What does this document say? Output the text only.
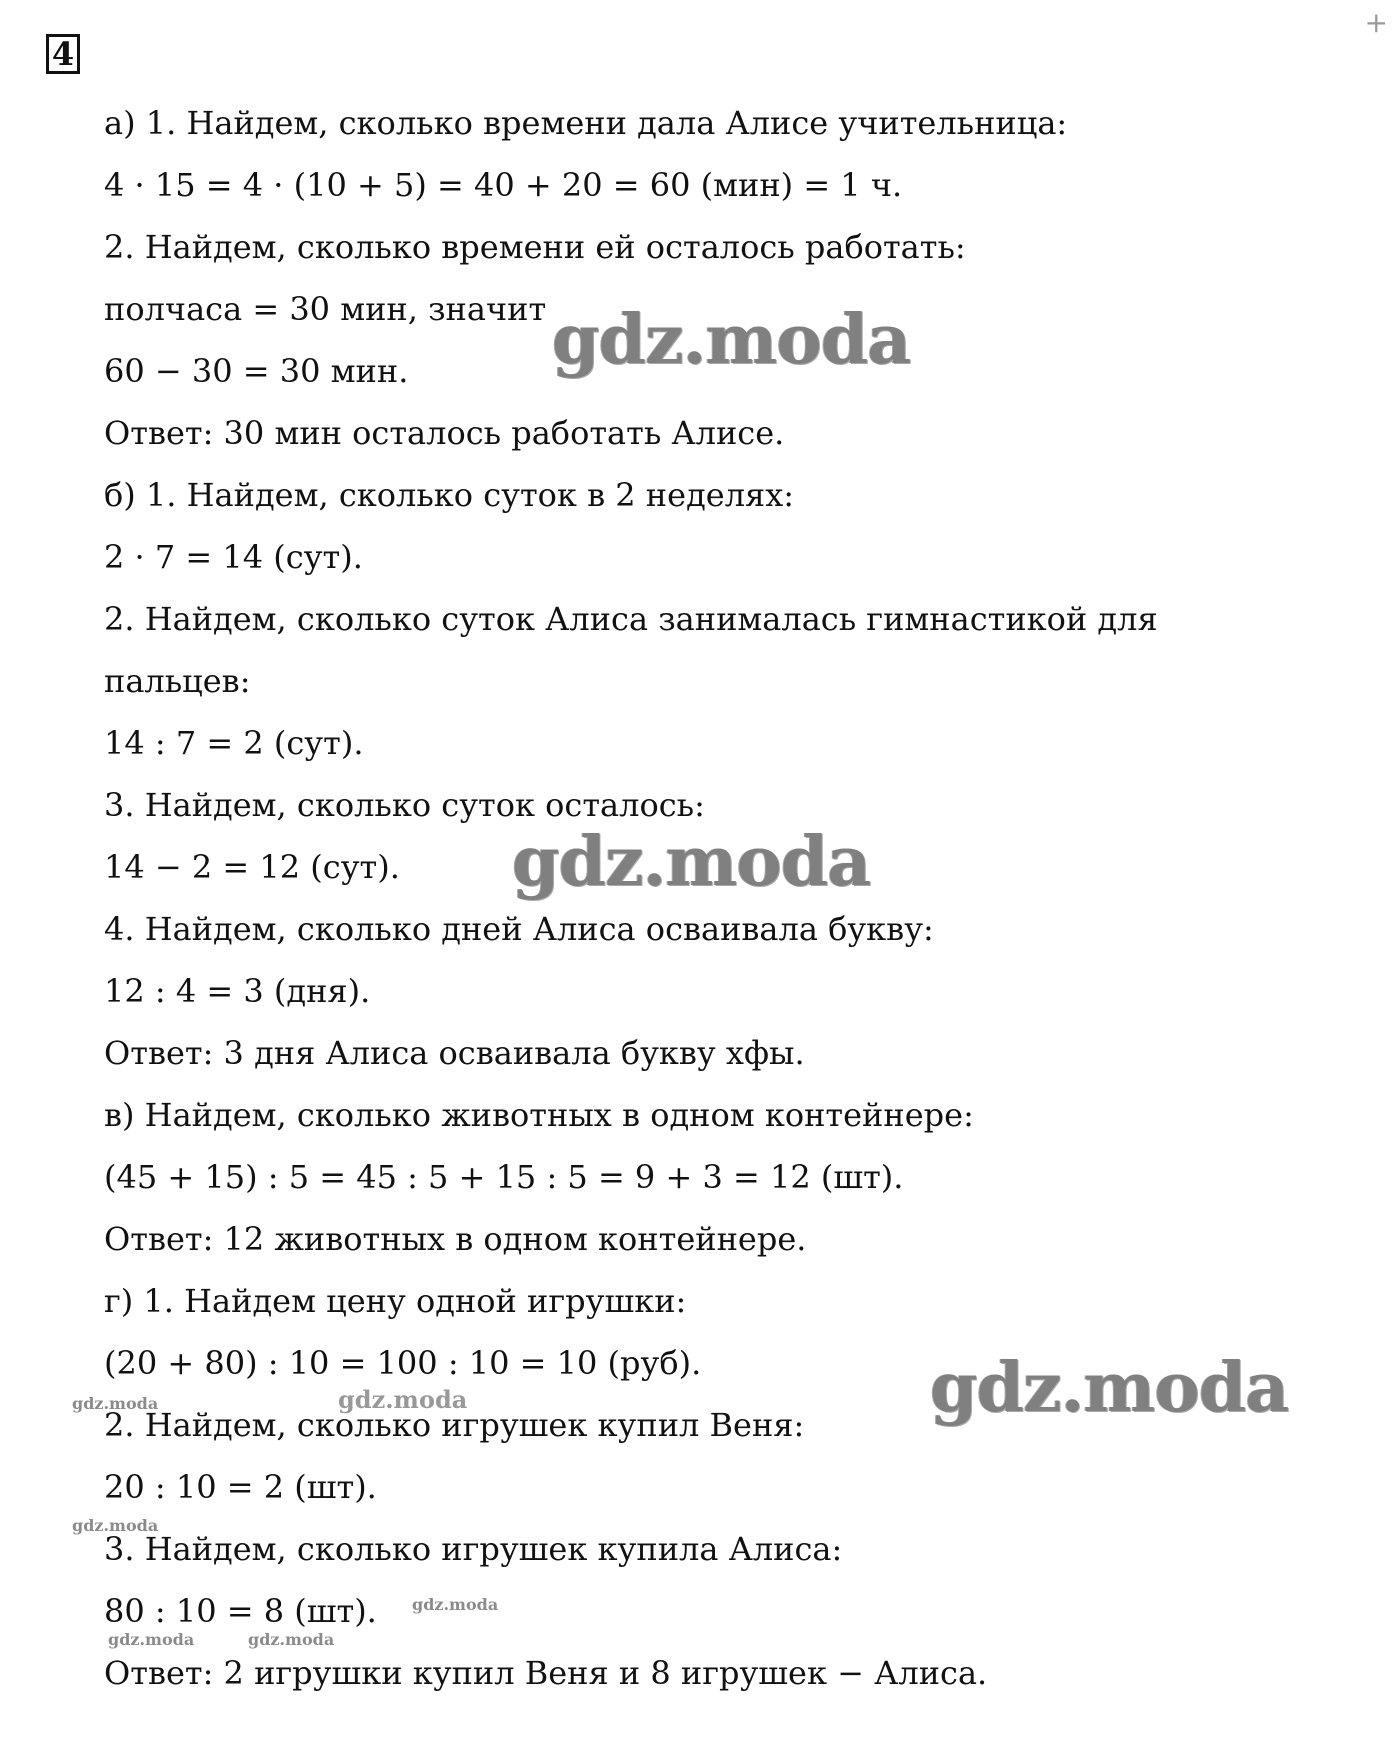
4
+
а) 1. Найдем, сколько времени дала Алисе учительница:
4 · 15 = 4 · (10 + 5) = 40 + 20 = 60 (мин) = 1 ч.
2. Найдем, сколько времени ей осталось работать:
полчаса = 30 мин, значит
60 − 30 = 30 мин.
Ответ: 30 мин осталось работать Алисе.
б) 1. Найдем, сколько суток в 2 неделях:
2 · 7 = 14 (сут).
2. Найдем, сколько суток Алиса занималась гимнастикой для
пальцев:
14 : 7 = 2 (сут).
3. Найдем, сколько суток осталось:
14 − 2 = 12 (сут).
4. Найдем, сколько дней Алиса осваивала букву:
12 : 4 = 3 (дня).
Ответ: 3 дня Алиса осваивала букву хфы.
в) Найдем, сколько животных в одном контейнере:
(45 + 15) : 5 = 45 : 5 + 15 : 5 = 9 + 3 = 12 (шт).
Ответ: 12 животных в одном контейнере.
г) 1. Найдем цену одной игрушки:
(20 + 80) : 10 = 100 : 10 = 10 (руб).
2. Найдем, сколько игрушек купил Веня:
20 : 10 = 2 (шт).
3. Найдем, сколько игрушек купила Алиса:
80 : 10 = 8 (шт).
Ответ: 2 игрушки купил Веня и 8 игрушек − Алиса.
gdz.moda
gdz.moda
gdz.moda
gdz.moda
gdz.moda
gdz.moda
gdz.moda
gdz.moda	gdz.moda
